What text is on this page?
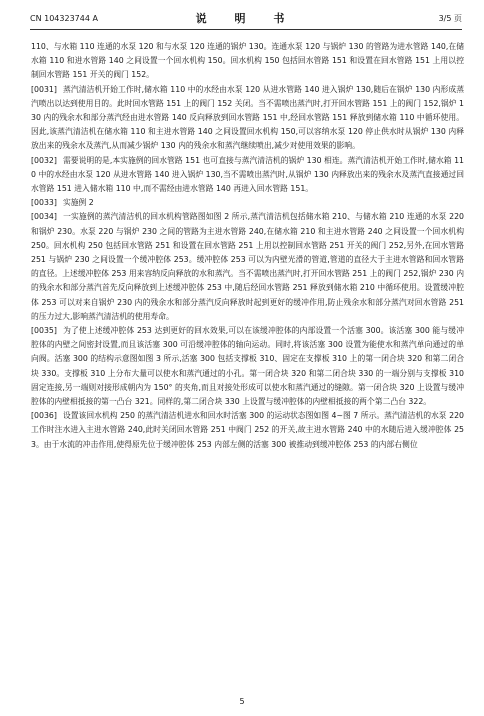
CN 104323744 A	说 明 书	3/5 页

110、与水箱 110 连通的水泵 120 和与水泵 120 连通的锅炉 130。连通水泵 120 与锅炉 130 的管路为进水管路 140,在储水箱 110 和进水管路 140 之间设置一个回水机构 150。回水机构 150 包括回水管路 151 和设置在回水管路 151 上用以控制回水管路 151 开关的阀门 152。

[0031] 蒸汽清洁机开始工作时,储水箱 110 中的水经由水泵 120 从进水管路 140 进入锅炉 130,随后在锅炉 130 内形成蒸汽喷出以达到使用目的。此时回水管路 151 上的阀门 152 关闭。当不需喷出蒸汽时,打开回水管路 151 上的阀门 152,锅炉 130 内的残余水和部分蒸汽经由进水管路 140 反向释放到回水管路 151 中,经回水管路 151 释放到储水箱 110 中循环使用。因此,该蒸汽清洁机在储水箱 110 和主进水管路 140 之间设置回水机构 150,可以容纳水泵 120 停止供水时从锅炉 130 内释放出来的残余水及蒸汽,从而减少锅炉 130 内的残余水和蒸汽继续喷出,减少对使用效果的影响。

[0032] 需要说明的是,本实施例的回水管路 151 也可直接与蒸汽清洁机的锅炉 130 相连。蒸汽清洁机开始工作时,储水箱 110 中的水经由水泵 120 从进水管路 140 进入锅炉 130,当不需喷出蒸汽时,从锅炉 130 内释放出来的残余水及蒸汽直接通过回水管路 151 进入储水箱 110 中,而不需经由进水管路 140 再进入回水管路 151。

[0033] 实施例 2

[0034] 一实施例的蒸汽清洁机的回水机构管路图如图 2 所示,蒸汽清洁机包括储水箱 210、与储水箱 210 连通的水泵 220 和锅炉 230。水泵 220 与锅炉 230 之间的管路为主进水管路 240,在储水箱 210 和主进水管路 240 之间设置一个回水机构 250。回水机构 250 包括回水管路 251 和设置在回水管路 251 上用以控制回水管路 251 开关的阀门 252,另外,在回水管路 251 与锅炉 230 之间设置一个缓冲腔体 253。缓冲腔体 253 可以为内壁光滑的管道,管道的直径大于主进水管路和回水管路的直径。上述缓冲腔体 253 用来容纳反向释放的水和蒸汽。当不需喷出蒸汽时,打开回水管路 251 上的阀门 252,锅炉 230 内的残余水和部分蒸汽首先反向释放到上述缓冲腔体 253 中,随后经回水管路 251 释放到储水箱 210 中循环使用。设置缓冲腔体 253 可以对来自锅炉 230 内的残余水和部分蒸汽反向释放时起到更好的缓冲作用,防止残余水和部分蒸汽对回水管路 251 的压力过大,影响蒸汽清洁机的使用寿命。

[0035] 为了使上述缓冲腔体 253 达到更好的回水效果,可以在该缓冲腔体的内部设置一个活塞 300。该活塞 300 能与缓冲腔体的内壁之间密封设置,而且该活塞 300 可沿缓冲腔体的轴向运动。同时,将该活塞 300 设置为能使水和蒸汽单向通过的单向阀。活塞 300 的结构示意图如图 3 所示,活塞 300 包括支撑板 310、固定在支撑板 310 上的第一闭合块 320 和第二闭合块 330。支撑板 310 上分布大量可以使水和蒸汽通过的小孔。第一闭合块 320 和第二闭合块 330 的一端分别与支撑板 310 固定连接,另一端则对接形成朝内为 150° 的夹角,而且对接处形成可以使水和蒸汽通过的缝隙。第一闭合块 320 上设置与缓冲腔体的内壁相抵接的第一凸台 321。同样的,第二闭合块 330 上设置与缓冲腔体的内壁相抵接的两个第二凸台 322。

[0036] 设置该回水机构 250 的蒸汽清洁机进水和回水时活塞 300 的运动状态图如图 4~图 7 所示。蒸汽清洁机的水泵 220 工作时注水进入主进水管路 240,此时关闭回水管路 251 中阀门 252 的开关,故主进水管路 240 中的水随后进入缓冲腔体 253。由于水流的冲击作用,使得原先位于缓冲腔体 253 内部左侧的活塞 300 被推动到缓冲腔体 253 的内部右侧位

5
